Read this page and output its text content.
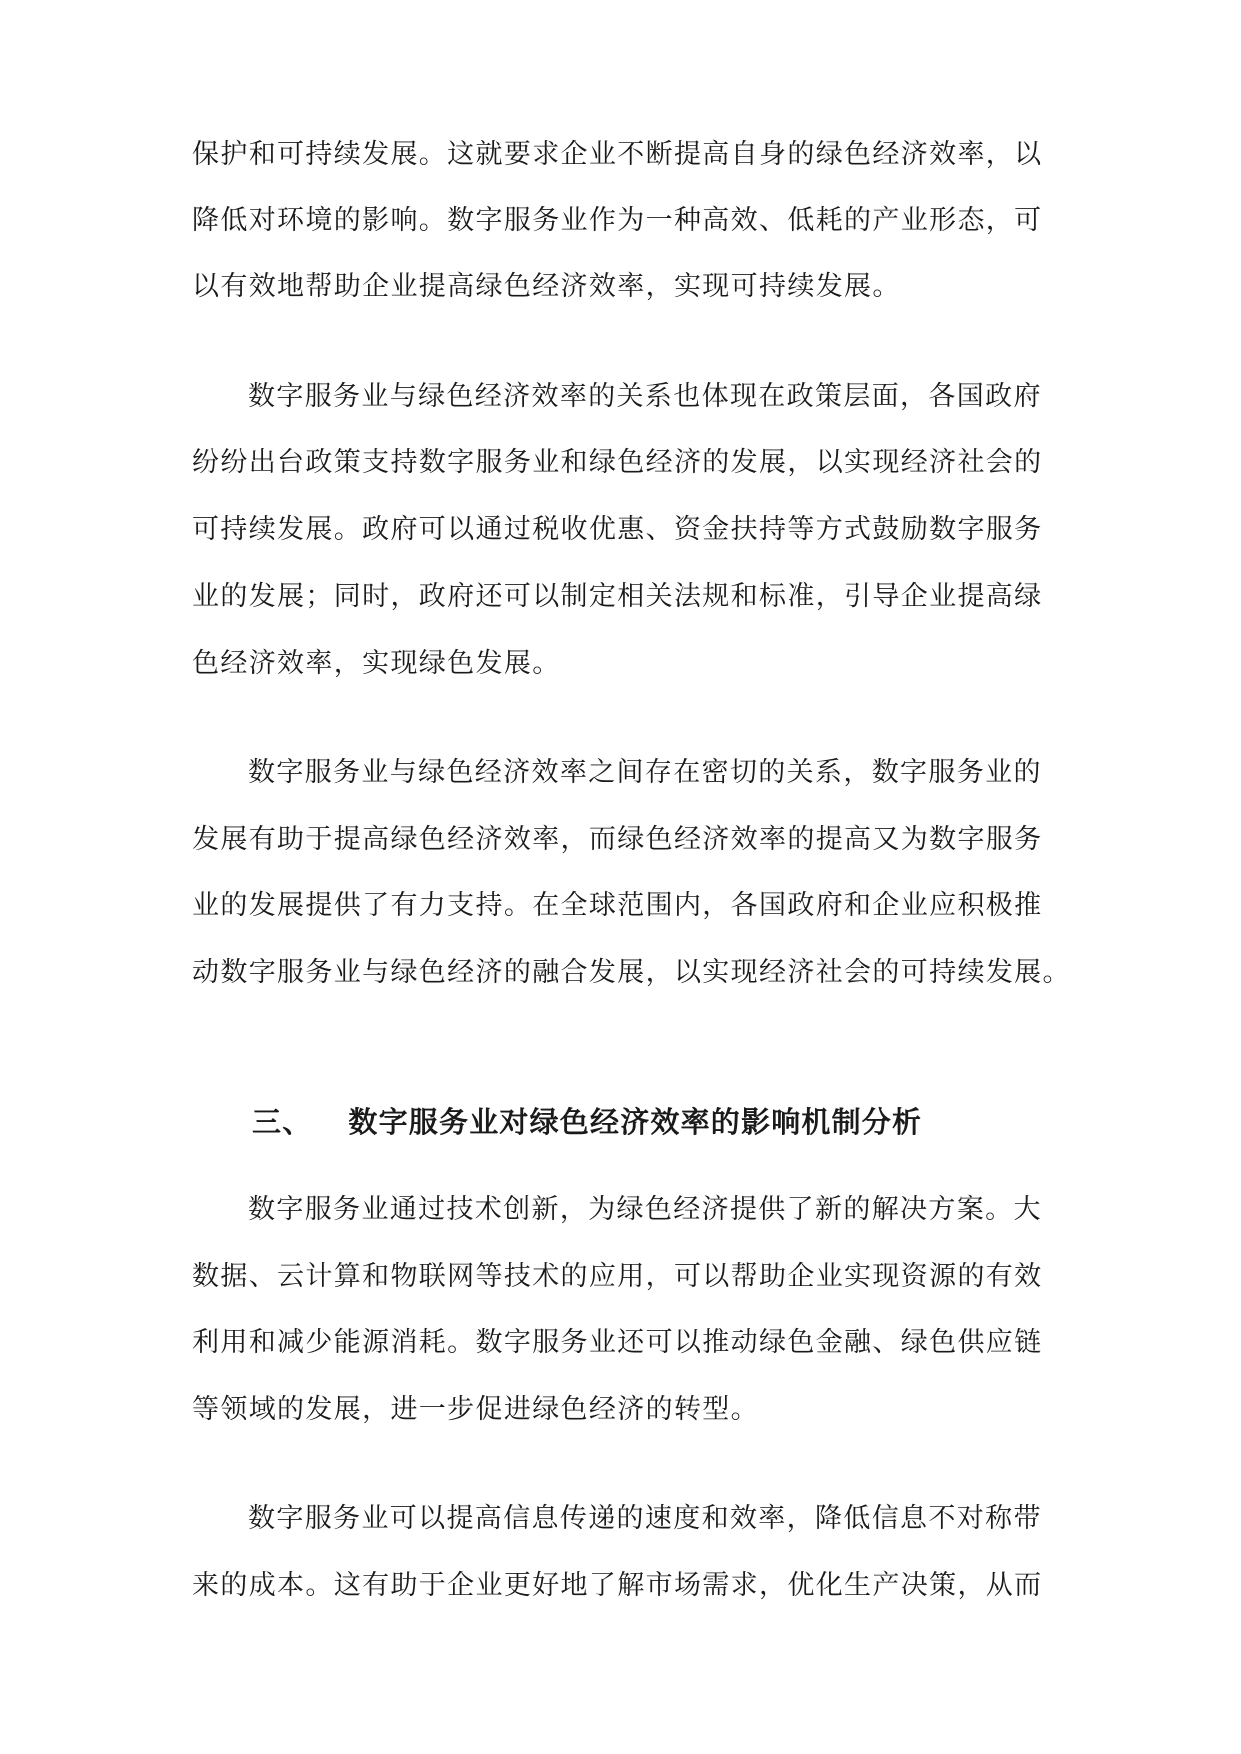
保护和可持续发展。这就要求企业不断提高自身的绿色经济效率，以
降低对环境的影响。数字服务业作为一种高效、低耗的产业形态，可
以有效地帮助企业提高绿色经济效率，实现可持续发展。
数字服务业与绿色经济效率的关系也体现在政策层面，各国政府
纷纷出台政策支持数字服务业和绿色经济的发展，以实现经济社会的
可持续发展。政府可以通过税收优惠、资金扶持等方式鼓励数字服务
业的发展；同时，政府还可以制定相关法规和标准，引导企业提高绿
色经济效率，实现绿色发展。
数字服务业与绿色经济效率之间存在密切的关系，数字服务业的
发展有助于提高绿色经济效率，而绿色经济效率的提高又为数字服务
业的发展提供了有力支持。在全球范围内，各国政府和企业应积极推
动数字服务业与绿色经济的融合发展，以实现经济社会的可持续发展。
三、 数字服务业对绿色经济效率的影响机制分析
数字服务业通过技术创新，为绿色经济提供了新的解决方案。大
数据、云计算和物联网等技术的应用，可以帮助企业实现资源的有效
利用和减少能源消耗。数字服务业还可以推动绿色金融、绿色供应链
等领域的发展，进一步促进绿色经济的转型。
数字服务业可以提高信息传递的速度和效率，降低信息不对称带
来的成本。这有助于企业更好地了解市场需求，优化生产决策，从而
